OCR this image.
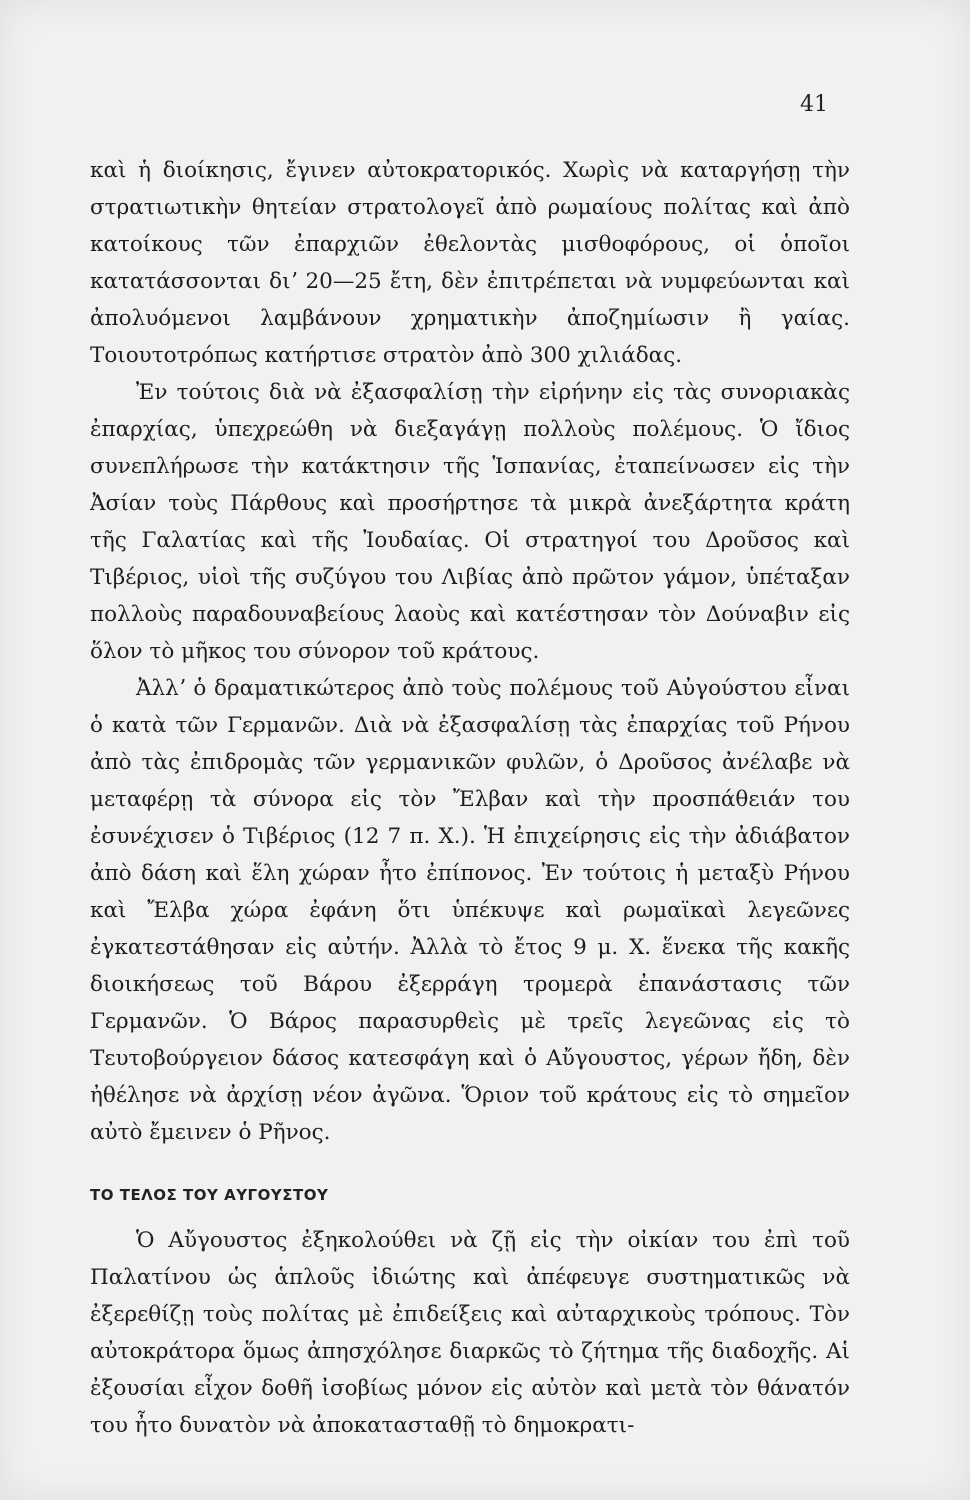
41

καὶ ἡ διοίκησις, ἔγινεν αὐτοκρατορικός. Χωρὶς νὰ καταργήσῃ τὴν στρατιωτικὴν θητείαν στρατολογεῖ ἀπὸ ρωμαίους πολίτας καὶ ἀπὸ κατοίκους τῶν ἐπαρχιῶν ἐθελοντὰς μισθοφόρους, οἱ ὁποῖοι κατατάσσονται διʼ 20—25 ἔτη, δὲν ἐπιτρέπεται νὰ νυμφεύωνται καὶ ἀπολυόμενοι λαμβάνουν χρηματικὴν ἀποζημίωσιν ἢ γαίας. Τοιουτοτρόπως κατήρτισε στρατὸν ἀπὸ 300 χιλιάδας.

Ἐν τούτοις διὰ νὰ ἐξασφαλίσῃ τὴν εἰρήνην εἰς τὰς συνοριακὰς ἐπαρχίας, ὑπεχρεώθη νὰ διεξαγάγῃ πολλοὺς πολέμους. Ὁ ἴδιος συνεπλήρωσε τὴν κατάκτησιν τῆς Ἱσπανίας, ἐταπείνωσεν εἰς τὴν Ἀσίαν τοὺς Πάρθους καὶ προσήρτησε τὰ μικρὰ ἀνεξάρτητα κράτη τῆς Γαλατίας καὶ τῆς Ἰουδαίας. Οἱ στρατηγοί του Δροῦσος καὶ Τιβέριος, υἱοὶ τῆς συζύγου του Λιβίας ἀπὸ πρῶτον γάμον, ὑπέταξαν πολλοὺς παραδουναβείους λαοὺς καὶ κατέστησαν τὸν Δούναβιν εἰς ὅλον τὸ μῆκος του σύνορον τοῦ κράτους.

Ἀλλʼ ὁ δραματικώτερος ἀπὸ τοὺς πολέμους τοῦ Αὐγούστου εἶναι ὁ κατὰ τῶν Γερμανῶν. Διὰ νὰ ἐξασφαλίσῃ τὰς ἐπαρχίας τοῦ Ρήνου ἀπὸ τὰς ἐπιδρομὰς τῶν γερμανικῶν φυλῶν, ὁ Δροῦσος ἀνέλαβε νὰ μεταφέρῃ τὰ σύνορα εἰς τὸν Ἔλβαν καὶ τὴν προσπάθειάν του ἐσυνέχισεν ὁ Τιβέριος (12 7 π. Χ.). Ἡ ἐπιχείρησις εἰς τὴν ἀδιάβατον ἀπὸ δάση καὶ ἕλη χώραν ἦτο ἐπίπονος. Ἐν τούτοις ἡ μεταξὺ Ρήνου καὶ Ἔλβα χώρα ἐφάνη ὅτι ὑπέκυψε καὶ ρωμαϊκαὶ λεγεῶνες ἐγκατεστάθησαν εἰς αὐτήν. Ἀλλὰ τὸ ἔτος 9 μ. Χ. ἕνεκα τῆς κακῆς διοικήσεως τοῦ Βάρου ἐξερράγη τρομερὰ ἐπανάστασις τῶν Γερμανῶν. Ὁ Βάρος παρασυρθεὶς μὲ τρεῖς λεγεῶνας εἰς τὸ Τευτοβούργειον δάσος κατεσφάγη καὶ ὁ Αὔγουστος, γέρων ἤδη, δὲν ἠθέλησε νὰ ἀρχίσῃ νέον ἀγῶνα. Ὅριον τοῦ κράτους εἰς τὸ σημεῖον αὐτὸ ἔμεινεν ὁ Ρῆνος.

ΤΟ ΤΕΛΟΣ ΤΟΥ ΑΥΓΟΥΣΤΟΥ

Ὁ Αὔγουστος ἐξηκολούθει νὰ ζῇ εἰς τὴν οἰκίαν του ἐπὶ τοῦ Παλατίνου ὡς ἁπλοῦς ἰδιώτης καὶ ἀπέφευγε συστηματικῶς νὰ ἐξερεθίζῃ τοὺς πολίτας μὲ ἐπιδείξεις καὶ αὐταρχικοὺς τρόπους. Τὸν αὐτοκράτορα ὅμως ἀπησχόλησε διαρκῶς τὸ ζήτημα τῆς διαδοχῆς. Αἱ ἐξουσίαι εἶχον δοθῆ ἰσοβίως μόνον εἰς αὐτὸν καὶ μετὰ τὸν θάνατόν του ἦτο δυνατὸν νὰ ἀποκατασταθῇ τὸ δημοκρατι-
